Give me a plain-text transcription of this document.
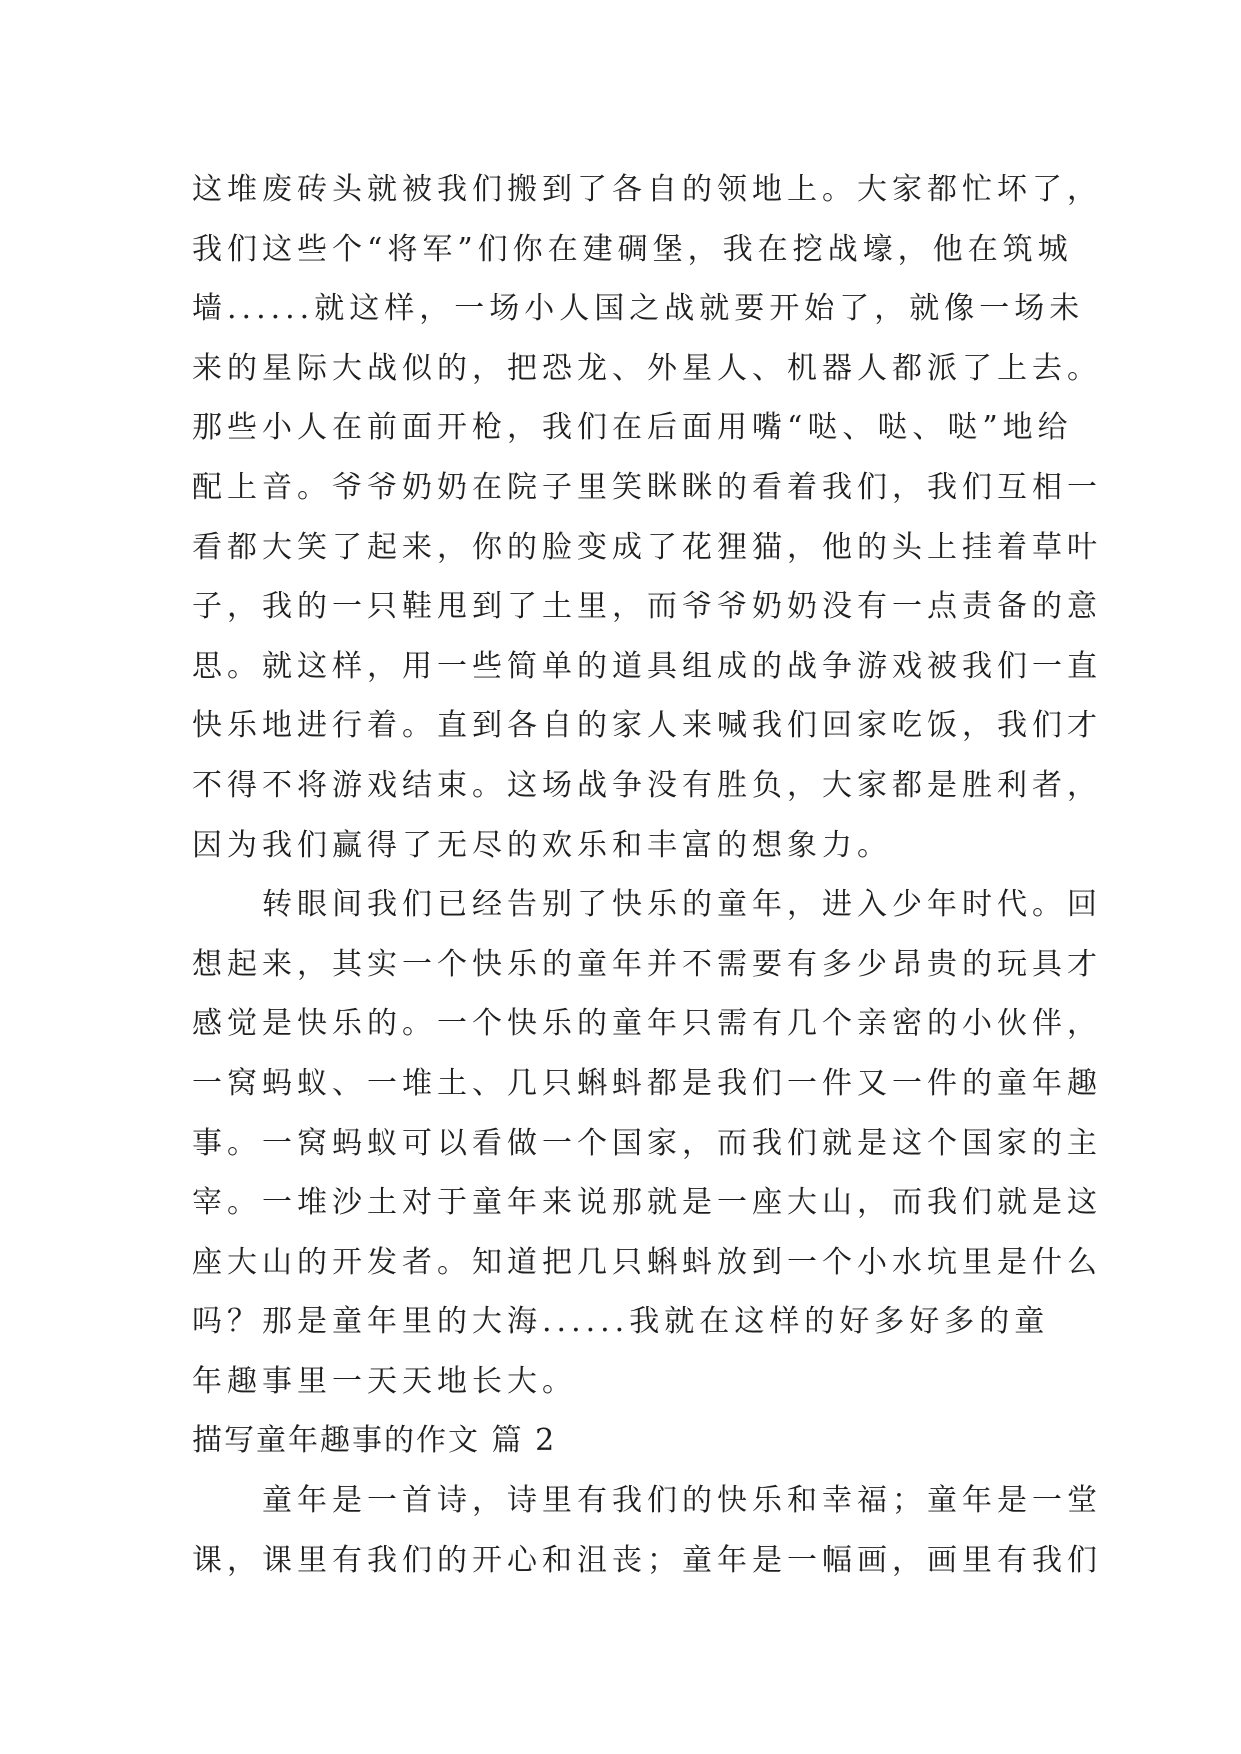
这堆废砖头就被我们搬到了各自的领地上。大家都忙坏了，
我们这些个“将军”们你在建碉堡，我在挖战壕，他在筑城
墙......就这样，一场小人国之战就要开始了，就像一场未
来的星际大战似的，把恐龙、外星人、机器人都派了上去。
那些小人在前面开枪，我们在后面用嘴“哒、哒、哒”地给
配上音。爷爷奶奶在院子里笑眯眯的看着我们，我们互相一
看都大笑了起来，你的脸变成了花狸猫，他的头上挂着草叶
子，我的一只鞋甩到了土里，而爷爷奶奶没有一点责备的意
思。就这样，用一些简单的道具组成的战争游戏被我们一直
快乐地进行着。直到各自的家人来喊我们回家吃饭，我们才
不得不将游戏结束。这场战争没有胜负，大家都是胜利者，
因为我们赢得了无尽的欢乐和丰富的想象力。
　　转眼间我们已经告别了快乐的童年，进入少年时代。回
想起来，其实一个快乐的童年并不需要有多少昂贵的玩具才
感觉是快乐的。一个快乐的童年只需有几个亲密的小伙伴，
一窝蚂蚁、一堆土、几只蝌蚪都是我们一件又一件的童年趣
事。一窝蚂蚁可以看做一个国家，而我们就是这个国家的主
宰。一堆沙土对于童年来说那就是一座大山，而我们就是这
座大山的开发者。知道把几只蝌蚪放到一个小水坑里是什么
吗？那是童年里的大海......我就在这样的好多好多的童
年趣事里一天天地长大。
描写童年趣事的作文 篇 2
　　童年是一首诗，诗里有我们的快乐和幸福；童年是一堂
课，课里有我们的开心和沮丧；童年是一幅画，画里有我们
